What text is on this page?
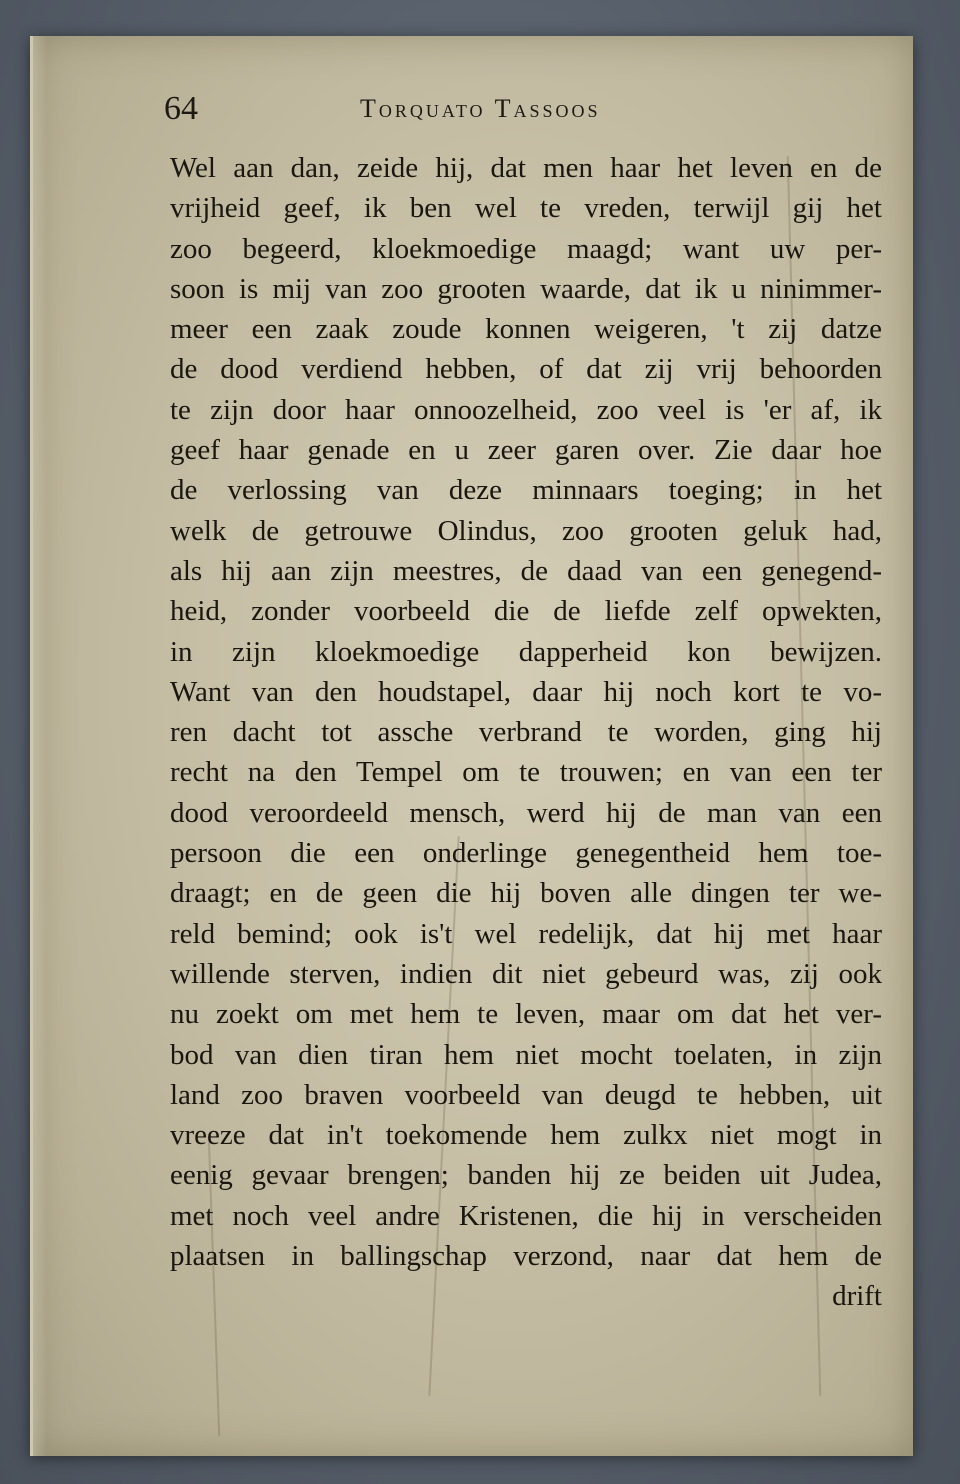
64	Torquato Tassoos
Wel aan dan, zeide hij, dat men haar het leven en de
vrijheid geef, ik ben wel te vreden, terwijl gij het
zoo begeerd, kloekmoedige maagd; want uw per-
soon is mij van zoo grooten waarde, dat ik u ninimmer-
meer een zaak zoude konnen weigeren, 't zij datze
de dood verdiend hebben, of dat zij vrij behoorden
te zijn door haar onnoozelheid, zoo veel is 'er af, ik
geef haar genade en u zeer garen over. Zie daar hoe
de verlossing van deze minnaars toeging; in het
welk de getrouwe Olindus, zoo grooten geluk had,
als hij aan zijn meestres, de daad van een genegend-
heid, zonder voorbeeld die de liefde zelf opwekten,
in zijn kloekmoedige dapperheid kon bewijzen.
Want van den houdstapel, daar hij noch kort te vo-
ren dacht tot assche verbrand te worden, ging hij
recht na den Tempel om te trouwen; en van een ter
dood veroordeeld mensch, werd hij de man van een
persoon die een onderlinge genegentheid hem toe-
draagt; en de geen die hij boven alle dingen ter we-
reld bemind; ook is't wel redelijk, dat hij met haar
willende sterven, indien dit niet gebeurd was, zij ook
nu zoekt om met hem te leven, maar om dat het ver-
bod van dien tiran hem niet mocht toelaten, in zijn
land zoo braven voorbeeld van deugd te hebben, uit
vreeze dat in't toekomende hem zulkx niet mogt in
eenig gevaar brengen; banden hij ze beiden uit Judea,
met noch veel andre Kristenen, die hij in verscheiden
plaatsen in ballingschap verzond, naar dat hem de
drift
